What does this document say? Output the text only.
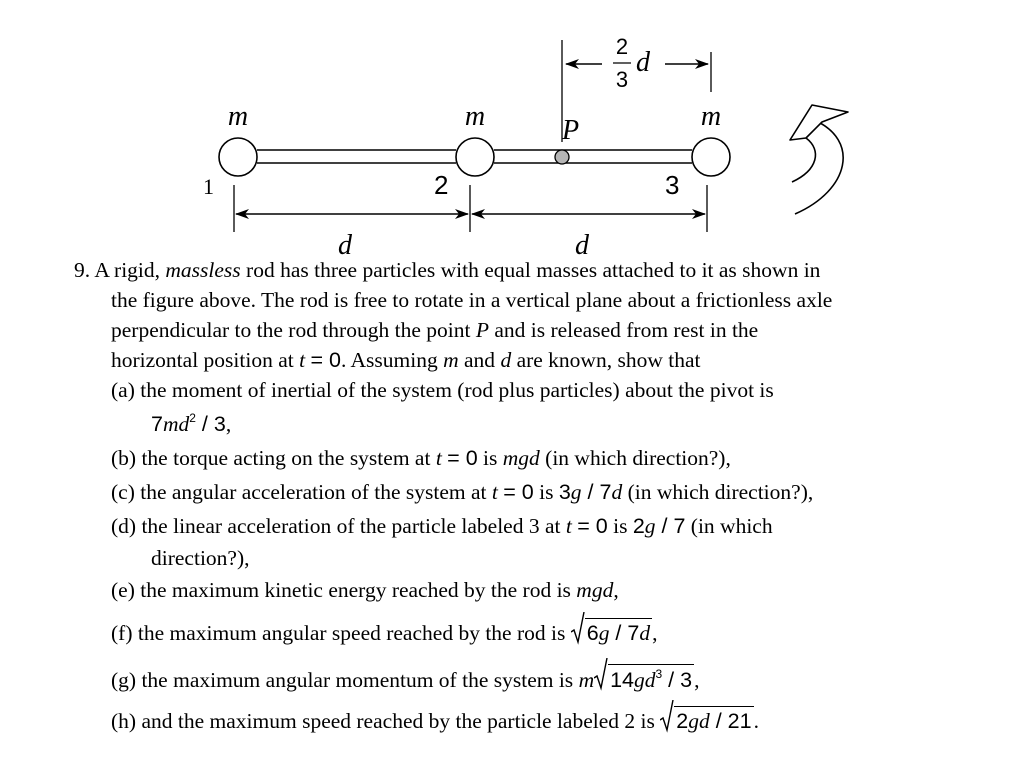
m	m	m
1	2	3
P
d	d
2
3
d
9. A rigid, massless rod has three particles with equal masses attached to it as shown in
the figure above. The rod is free to rotate in a vertical plane about a frictionless axle
perpendicular to the rod through the point P and is released from rest in the
horizontal position at t = 0. Assuming m and d are known, show that
(a) the moment of inertial of the system (rod plus particles) about the pivot is
$7md^2 / 3$,
(b) the torque acting on the system at t = 0 is mgd (in which direction?),
(c) the angular acceleration of the system at t = 0 is 3g / 7d (in which direction?),
(d) the linear acceleration of the particle labeled 3 at t = 0 is 2g / 7 (in which
direction?),
(e) the maximum kinetic energy reached by the rod is mgd,
(f) the maximum angular speed reached by the rod is 6g / 7d,
(g) the maximum angular momentum of the system is m $14gd^3 / 3$,
(h) and the maximum speed reached by the particle labeled 2 is 2gd / 21.
